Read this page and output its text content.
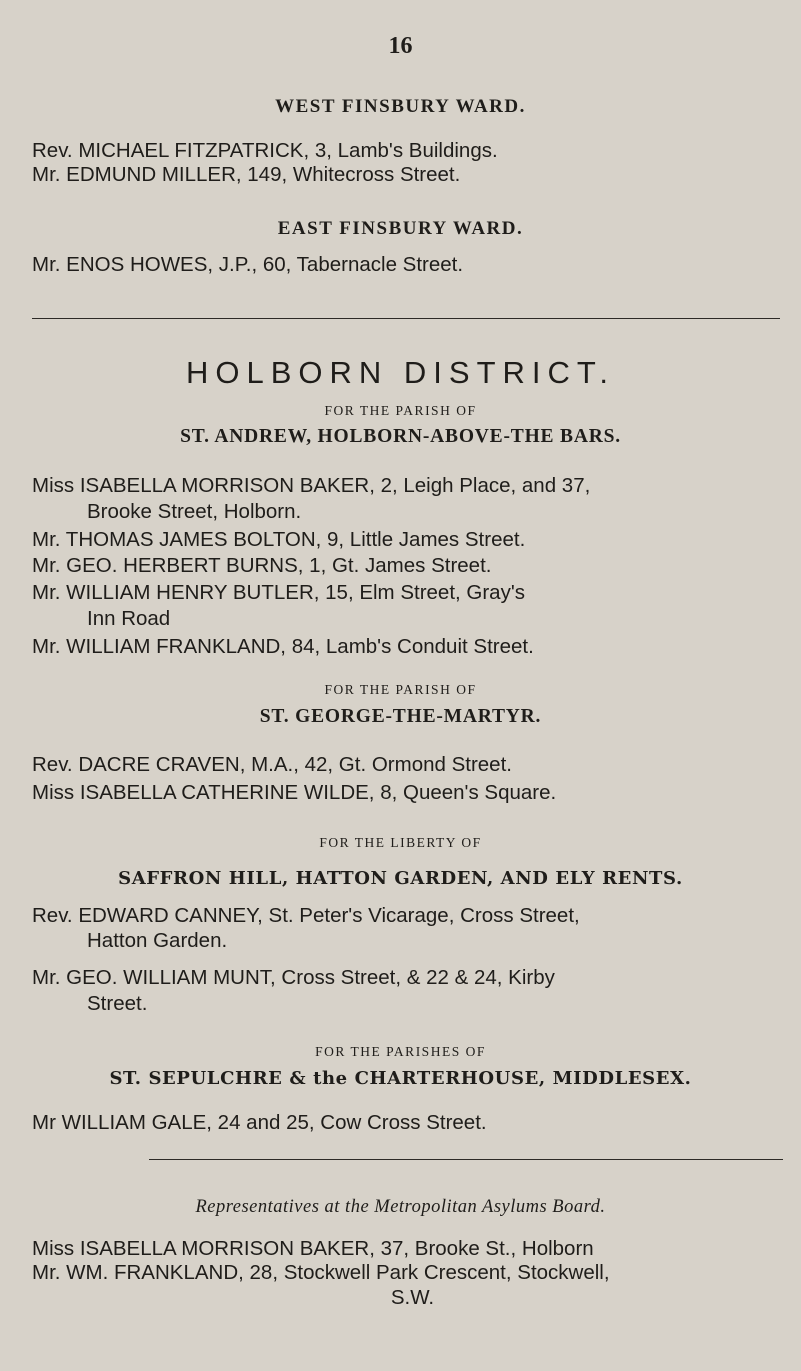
16
WEST FINSBURY WARD.
Rev. MICHAEL FITZPATRICK, 3, Lamb's Buildings.
Mr. EDMUND MILLER, 149, Whitecross Street.
EAST FINSBURY WARD.
Mr. ENOS HOWES, J.P., 60, Tabernacle Street.
HOLBORN DISTRICT.
FOR THE PARISH OF
ST. ANDREW, HOLBORN-ABOVE-THE BARS.
Miss ISABELLA MORRISON BAKER, 2, Leigh Place, and 37,
Brooke Street, Holborn.
Mr. THOMAS JAMES BOLTON, 9, Little James Street.
Mr. GEO. HERBERT BURNS, 1, Gt. James Street.
Mr. WILLIAM HENRY BUTLER, 15, Elm Street, Gray's
Inn Road
Mr. WILLIAM FRANKLAND, 84, Lamb's Conduit Street.
FOR THE PARISH OF
ST. GEORGE-THE-MARTYR.
Rev. DACRE CRAVEN, M.A., 42, Gt. Ormond Street.
Miss ISABELLA CATHERINE WILDE, 8, Queen's Square.
FOR THE LIBERTY OF
SAFFRON HILL, HATTON GARDEN, AND ELY RENTS.
Rev. EDWARD CANNEY, St. Peter's Vicarage, Cross Street,
Hatton Garden.
Mr. GEO. WILLIAM MUNT, Cross Street, & 22 & 24, Kirby
Street.
FOR THE PARISHES OF
ST. SEPULCHRE & the CHARTERHOUSE, MIDDLESEX.
Mr WILLIAM GALE, 24 and 25, Cow Cross Street.
Representatives at the Metropolitan Asylums Board.
Miss ISABELLA MORRISON BAKER, 37, Brooke St., Holborn
Mr. WM. FRANKLAND, 28, Stockwell Park Crescent, Stockwell,
S.W.
